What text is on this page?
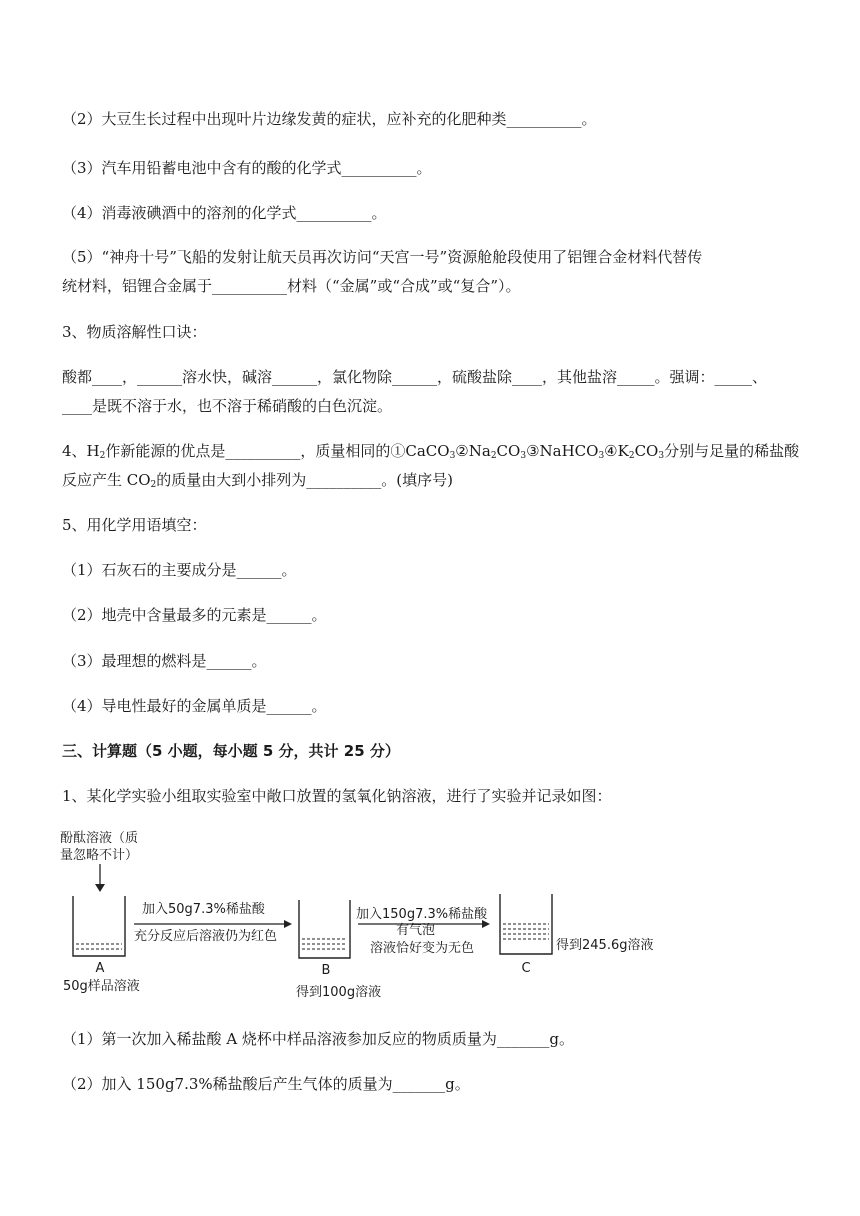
（2）大豆生长过程中出现叶片边缘发黄的症状，应补充的化肥种类__________。
（3）汽车用铅蓄电池中含有的酸的化学式__________。
（4）消毒液碘酒中的溶剂的化学式__________。
（5）“神舟十号”飞船的发射让航天员再次访问“天宫一号”资源舱舱段使用了铝锂合金材料代替传
统材料，铝锂合金属于__________材料（“金属”或“合成”或“复合”）。
3、物质溶解性口诀：
酸都____，______溶水快，碱溶______，氯化物除______，硫酸盐除____，其他盐溶_____。强调：_____、
____是既不溶于水，也不溶于稀硝酸的白色沉淀。
4、$H_2$作新能源的优点是__________，质量相同的$①CaCO_3②Na_2CO_3③NaHCO_3④K_2CO_3$分别与足量的稀盐酸
反应产生 $CO_2$的质量由大到小排列为__________。(填序号)
5、用化学用语填空：
（1）石灰石的主要成分是______。
（2）地壳中含量最多的元素是______。
（3）最理想的燃料是______。
（4）导电性最好的金属单质是______。
三、计算题（5 小题，每小题 5 分，共计 25 分）
1、某化学实验小组取实验室中敞口放置的氢氧化钠溶液，进行了实验并记录如图：
酚酞溶液（质
量忽略不计）
A
50g样品溶液
加入50g7.3%稀盐酸
充分反应后溶液仍为红色
B
得到100g溶液
加入150g7.3%稀盐酸
有气泡
溶液恰好变为无色
C
得到245.6g溶液
（1）第一次加入稀盐酸 A 烧杯中样品溶液参加反应的物质质量为_______g。
（2）加入 150g7.3%稀盐酸后产生气体的质量为_______g。
